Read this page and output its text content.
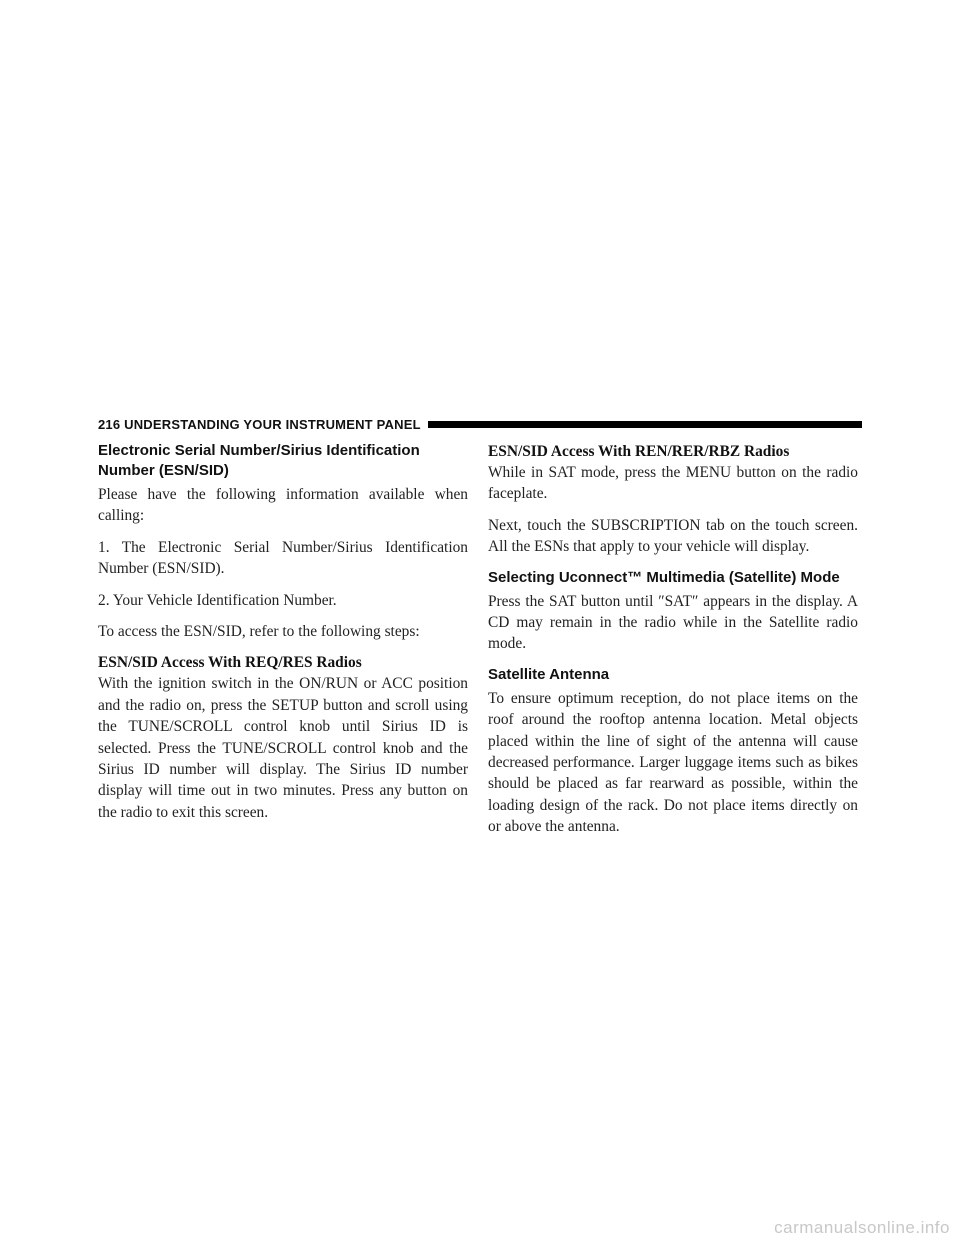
216 UNDERSTANDING YOUR INSTRUMENT PANEL
Electronic Serial Number/Sirius Identification Number (ESN/SID)

Please have the following information available when calling:

1. The Electronic Serial Number/Sirius Identification Number (ESN/SID).

2. Your Vehicle Identification Number.

To access the ESN/SID, refer to the following steps:

ESN/SID Access With REQ/RES Radios

With the ignition switch in the ON/RUN or ACC position and the radio on, press the SETUP button and scroll using the TUNE/SCROLL control knob until Sirius ID is selected. Press the TUNE/SCROLL control knob and the Sirius ID number will display. The Sirius ID number display will time out in two minutes. Press any button on the radio to exit this screen.

ESN/SID Access With REN/RER/RBZ Radios

While in SAT mode, press the MENU button on the radio faceplate.

Next, touch the SUBSCRIPTION tab on the touch screen. All the ESNs that apply to your vehicle will display.

Selecting Uconnect™ Multimedia (Satellite) Mode

Press the SAT button until ″SAT″ appears in the display. A CD may remain in the radio while in the Satellite radio mode.

Satellite Antenna

To ensure optimum reception, do not place items on the roof around the rooftop antenna location. Metal objects placed within the line of sight of the antenna will cause decreased performance. Larger luggage items such as bikes should be placed as far rearward as possible, within the loading design of the rack. Do not place items directly on or above the antenna.

carmanualsonline.info
